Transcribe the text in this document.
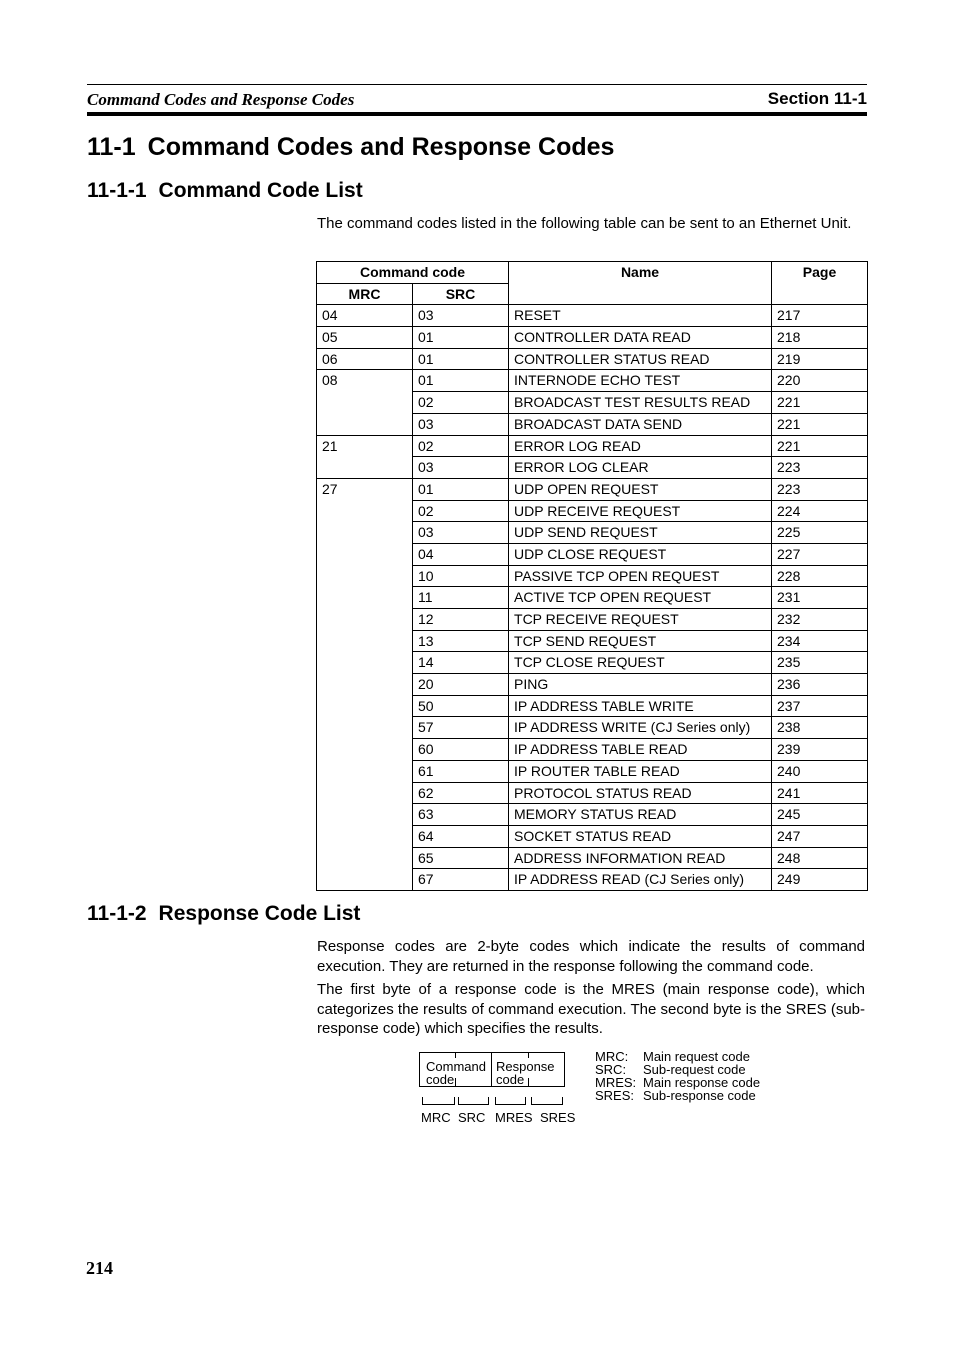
Command Codes and Response Codes	Section 11-1
11-1 Command Codes and Response Codes
11-1-1 Command Code List
The command codes listed in the following table can be sent to an Ethernet Unit.
Command code		Name	Page
MRC	SRC		
04	03	RESET	217
05	01	CONTROLLER DATA READ	218
06	01	CONTROLLER STATUS READ	219
08	01	INTERNODE ECHO TEST	220
	02	BROADCAST TEST RESULTS READ	221
	03	BROADCAST DATA SEND	221
21	02	ERROR LOG READ	221
	03	ERROR LOG CLEAR	223
27	01	UDP OPEN REQUEST	223
	02	UDP RECEIVE REQUEST	224
	03	UDP SEND REQUEST	225
	04	UDP CLOSE REQUEST	227
	10	PASSIVE TCP OPEN REQUEST	228
	11	ACTIVE TCP OPEN REQUEST	231
	12	TCP RECEIVE REQUEST	232
	13	TCP SEND REQUEST	234
	14	TCP CLOSE REQUEST	235
	20	PING	236
	50	IP ADDRESS TABLE WRITE	237
	57	IP ADDRESS WRITE (CJ Series only)	238
	60	IP ADDRESS TABLE READ	239
	61	IP ROUTER TABLE READ	240
	62	PROTOCOL STATUS READ	241
	63	MEMORY STATUS READ	245
	64	SOCKET STATUS READ	247
	65	ADDRESS INFORMATION READ	248
	67	IP ADDRESS READ (CJ Series only)	249
11-1-2 Response Code List
Response codes are 2-byte codes which indicate the results of command execution. They are returned in the response following the command code.
The first byte of a response code is the MRES (main response code), which categorizes the results of command execution. The second byte is the SRES (sub-response code) which specifies the results.
Command
code
Response
code
MRC SRC MRES SRES
MRC:	Main request code
SRC:	Sub-request code
MRES: Main response code
SRES: Sub-response code
214
